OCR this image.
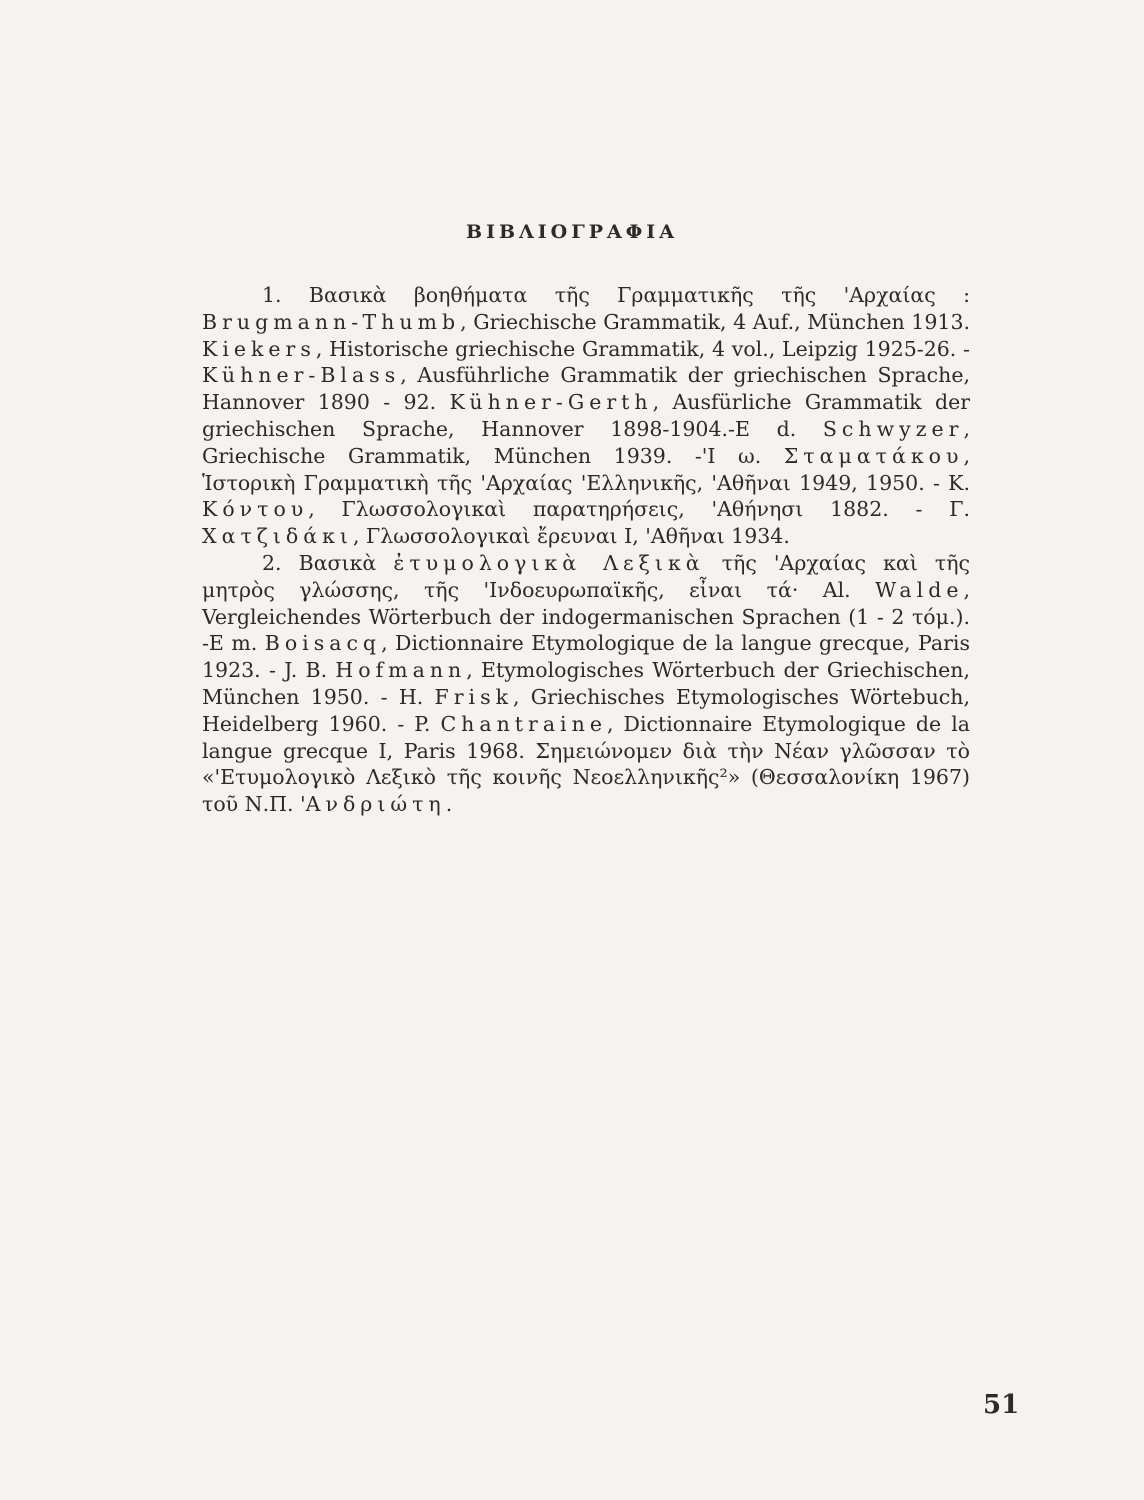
ΒΙΒΛΙΟΓΡΑΦΙΑ

1. Βασικὰ βοηθήματα τῆς Γραμματικῆς τῆς 'Αρχαίας : Brugmann-Thumb, Griechische Grammatik, 4 Auf., München 1913. Kiekers, Historische griechische Grammatik, 4 vol., Leipzig 1925-26. - Kühner-Blass, Ausführliche Grammatik der griechischen Sprache, Hannover 1890 - 92. Kühner-Gerth, Ausfürliche Grammatik der griechischen Sprache, Hannover 1898-1904.-E d. Schwyzer, Griechische Grammatik, München 1939. -'Ι ω. Σταματάκου, Ἱστορικὴ Γραμματικὴ τῆς 'Αρχαίας 'Ελληνικῆς, 'Αθῆναι 1949, 1950. - Κ. Κόντου, Γλωσσολογικαὶ παρατηρήσεις, 'Αθήνησι 1882. - Γ. Χατζιδάκι, Γλωσσολογικαὶ ἔρευναι Ι, 'Αθῆναι 1934.

2. Βασικὰ ἐτυμολογικὰ Λεξικὰ τῆς 'Αρχαίας καὶ τῆς μητρὸς γλώσσης, τῆς 'Ινδοευρωπαϊκῆς, εἶναι τά· Al. Walde, Vergleichendes Wörterbuch der indogermanischen Sprachen (1 - 2 τόμ.). -E m. Boisacq, Dictionnaire Etymologique de la langue grecque, Paris 1923. - J. B. Hofmann, Etymologisches Wörterbuch der Griechischen, München 1950. - H. Frisk, Griechisches Etymologisches Wörtebuch, Heidelberg 1960. - P. Chantraine, Dictionnaire Etymologique de la langue grecque I, Paris 1968. Σημειώνομεν διὰ τὴν Νέαν γλῶσσαν τὸ «'Ετυμολογικὸ Λεξικὸ τῆς κοινῆς Νεοελληνικῆς²» (Θεσσαλονίκη 1967) τοῦ Ν.Π. 'Ανδριώτη.

51
